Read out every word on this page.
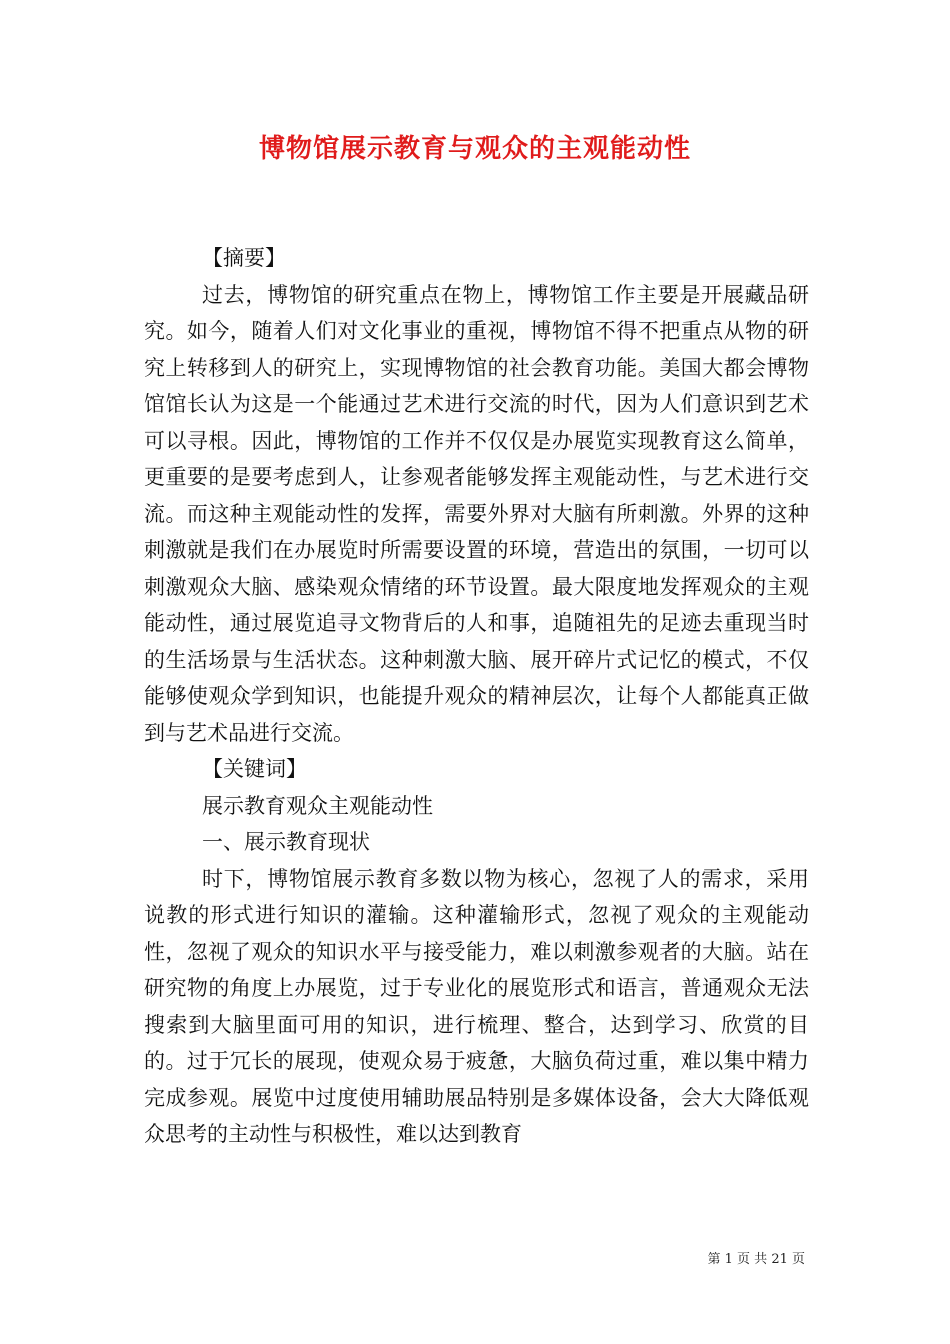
博物馆展示教育与观众的主观能动性

【摘要】

过去，博物馆的研究重点在物上，博物馆工作主要是开展藏品研究。如今，随着人们对文化事业的重视，博物馆不得不把重点从物的研究上转移到人的研究上，实现博物馆的社会教育功能。美国大都会博物馆馆长认为这是一个能通过艺术进行交流的时代，因为人们意识到艺术可以寻根。因此，博物馆的工作并不仅仅是办展览实现教育这么简单，更重要的是要考虑到人，让参观者能够发挥主观能动性，与艺术进行交流。而这种主观能动性的发挥，需要外界对大脑有所刺激。外界的这种刺激就是我们在办展览时所需要设置的环境，营造出的氛围，一切可以刺激观众大脑、感染观众情绪的环节设置。最大限度地发挥观众的主观能动性，通过展览追寻文物背后的人和事，追随祖先的足迹去重现当时的生活场景与生活状态。这种刺激大脑、展开碎片式记忆的模式，不仅能够使观众学到知识，也能提升观众的精神层次，让每个人都能真正做到与艺术品进行交流。

【关键词】

展示教育观众主观能动性

一、展示教育现状

时下，博物馆展示教育多数以物为核心，忽视了人的需求，采用说教的形式进行知识的灌输。这种灌输形式，忽视了观众的主观能动性，忽视了观众的知识水平与接受能力，难以刺激参观者的大脑。站在研究物的角度上办展览，过于专业化的展览形式和语言，普通观众无法搜索到大脑里面可用的知识，进行梳理、整合，达到学习、欣赏的目的。过于冗长的展现，使观众易于疲惫，大脑负荷过重，难以集中精力完成参观。展览中过度使用辅助展品特别是多媒体设备，会大大降低观众思考的主动性与积极性，难以达到教育

第 1 页 共 21 页
